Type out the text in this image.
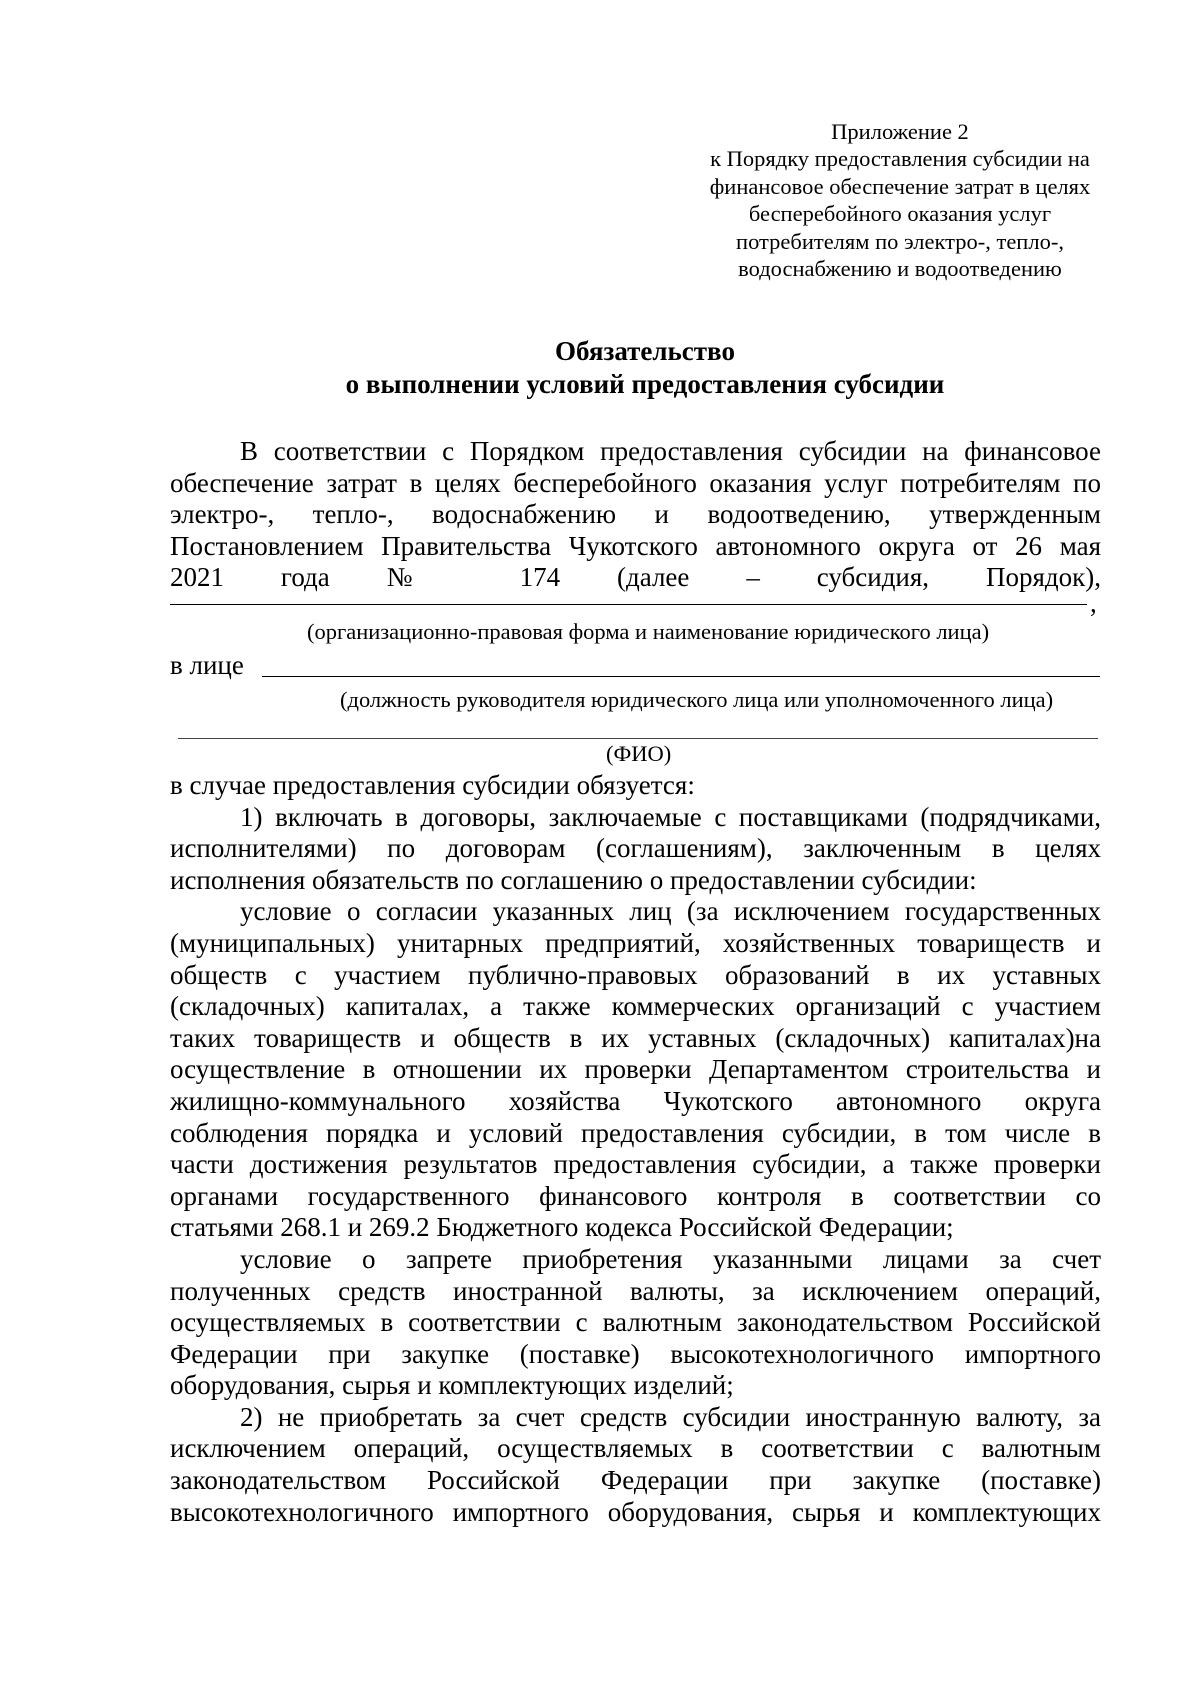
Приложение 2
к Порядку предоставления субсидии на
финансовое обеспечение затрат в целях
бесперебойного оказания услуг
потребителям по электро-, тепло-,
водоснабжению и водоотведению
Обязательство
о выполнении условий предоставления субсидии
В соответствии с Порядком предоставления субсидии на финансовое
обеспечение затрат в целях бесперебойного оказания услуг потребителям по
электро-, тепло-, водоснабжению и водоотведению, утвержденным
Постановлением Правительства Чукотского автономного округа от 26 мая
2021 года № 174 (далее – субсидия, Порядок),
,
(организационно-правовая форма и наименование юридического лица)
в лице
(должность руководителя юридического лица или уполномоченного лица)
(ФИО)
в случае предоставления субсидии обязуется:
1) включать в договоры, заключаемые с поставщиками (подрядчиками,
исполнителями) по договорам (соглашениям), заключенным в целях
исполнения обязательств по соглашению о предоставлении субсидии:
условие о согласии указанных лиц (за исключением государственных
(муниципальных) унитарных предприятий, хозяйственных товариществ и
обществ с участием публично-правовых образований в их уставных
(складочных) капиталах, а также коммерческих организаций с участием
таких товариществ и обществ в их уставных (складочных) капиталах)на
осуществление в отношении их проверки Департаментом строительства и
жилищно-коммунального хозяйства Чукотского автономного округа
соблюдения порядка и условий предоставления субсидии, в том числе в
части достижения результатов предоставления субсидии, а также проверки
органами государственного финансового контроля в соответствии со
статьями 268.1 и 269.2 Бюджетного кодекса Российской Федерации;
условие о запрете приобретения указанными лицами за счет
полученных средств иностранной валюты, за исключением операций,
осуществляемых в соответствии с валютным законодательством Российской
Федерации при закупке (поставке) высокотехнологичного импортного
оборудования, сырья и комплектующих изделий;
2) не приобретать за счет средств субсидии иностранную валюту, за
исключением операций, осуществляемых в соответствии с валютным
законодательством Российской Федерации при закупке (поставке)
высокотехнологичного импортного оборудования, сырья и комплектующих
